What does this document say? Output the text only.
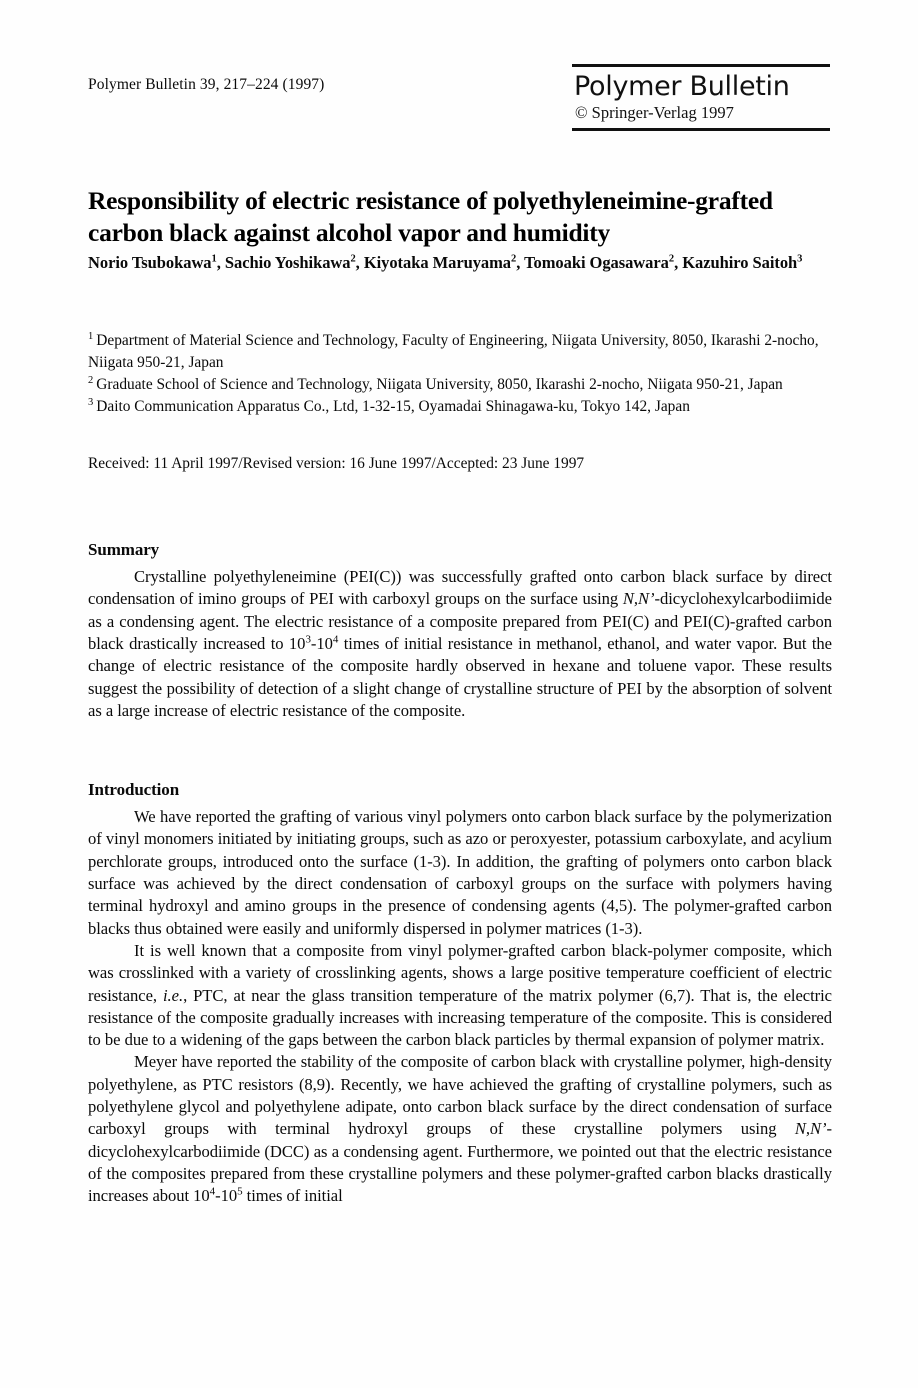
Polymer Bulletin 39, 217–224 (1997)	Polymer Bulletin
© Springer-Verlag 1997
Responsibility of electric resistance of polyethyleneimine-grafted carbon black against alcohol vapor and humidity
Norio Tsubokawa$^1$, Sachio Yoshikawa$^2$, Kiyotaka Maruyama$^2$, Tomoaki Ogasawara$^2$, Kazuhiro Saitoh$^3$
$^1$ Department of Material Science and Technology, Faculty of Engineering, Niigata University, 8050, Ikarashi 2-nocho, Niigata 950-21, Japan
$^2$ Graduate School of Science and Technology, Niigata University, 8050, Ikarashi 2-nocho, Niigata 950-21, Japan
$^3$ Daito Communication Apparatus Co., Ltd, 1-32-15, Oyamadai Shinagawa-ku, Tokyo 142, Japan
Received: 11 April 1997/Revised version: 16 June 1997/Accepted: 23 June 1997
Summary

Crystalline polyethyleneimine (PEI(C)) was successfully grafted onto carbon black surface by direct condensation of imino groups of PEI with carboxyl groups on the surface using N,N’-dicyclohexylcarbodiimide as a condensing agent. The electric resistance of a composite prepared from PEI(C) and PEI(C)-grafted carbon black drastically increased to $10^3-10^4$ times of initial resistance in methanol, ethanol, and water vapor. But the change of electric resistance of the composite hardly observed in hexane and toluene vapor. These results suggest the possibility of detection of a slight change of crystalline structure of PEI by the absorption of solvent as a large increase of electric resistance of the composite.

Introduction

We have reported the grafting of various vinyl polymers onto carbon black surface by the polymerization of vinyl monomers initiated by initiating groups, such as azo or peroxyester, potassium carboxylate, and acylium perchlorate groups, introduced onto the surface (1-3). In addition, the grafting of polymers onto carbon black surface was achieved by the direct condensation of carboxyl groups on the surface with polymers having terminal hydroxyl and amino groups in the presence of condensing agents (4,5). The polymer-grafted carbon blacks thus obtained were easily and uniformly dispersed in polymer matrices (1-3).

It is well known that a composite from vinyl polymer-grafted carbon black-polymer composite, which was crosslinked with a variety of crosslinking agents, shows a large positive temperature coefficient of electric resistance, i.e., PTC, at near the glass transition temperature of the matrix polymer (6,7). That is, the electric resistance of the composite gradually increases with increasing temperature of the composite. This is considered to be due to a widening of the gaps between the carbon black particles by thermal expansion of polymer matrix.

Meyer have reported the stability of the composite of carbon black with crystalline polymer, high-density polyethylene, as PTC resistors (8,9). Recently, we have achieved the grafting of crystalline polymers, such as polyethylene glycol and polyethylene adipate, onto carbon black surface by the direct condensation of surface carboxyl groups with terminal hydroxyl groups of these crystalline polymers using N,N’-dicyclohexylcarbodiimide (DCC) as a condensing agent. Furthermore, we pointed out that the electric resistance of the composites prepared from these crystalline polymers and these polymer-grafted carbon blacks drastically increases about $10^4-10^5$ times of initial
